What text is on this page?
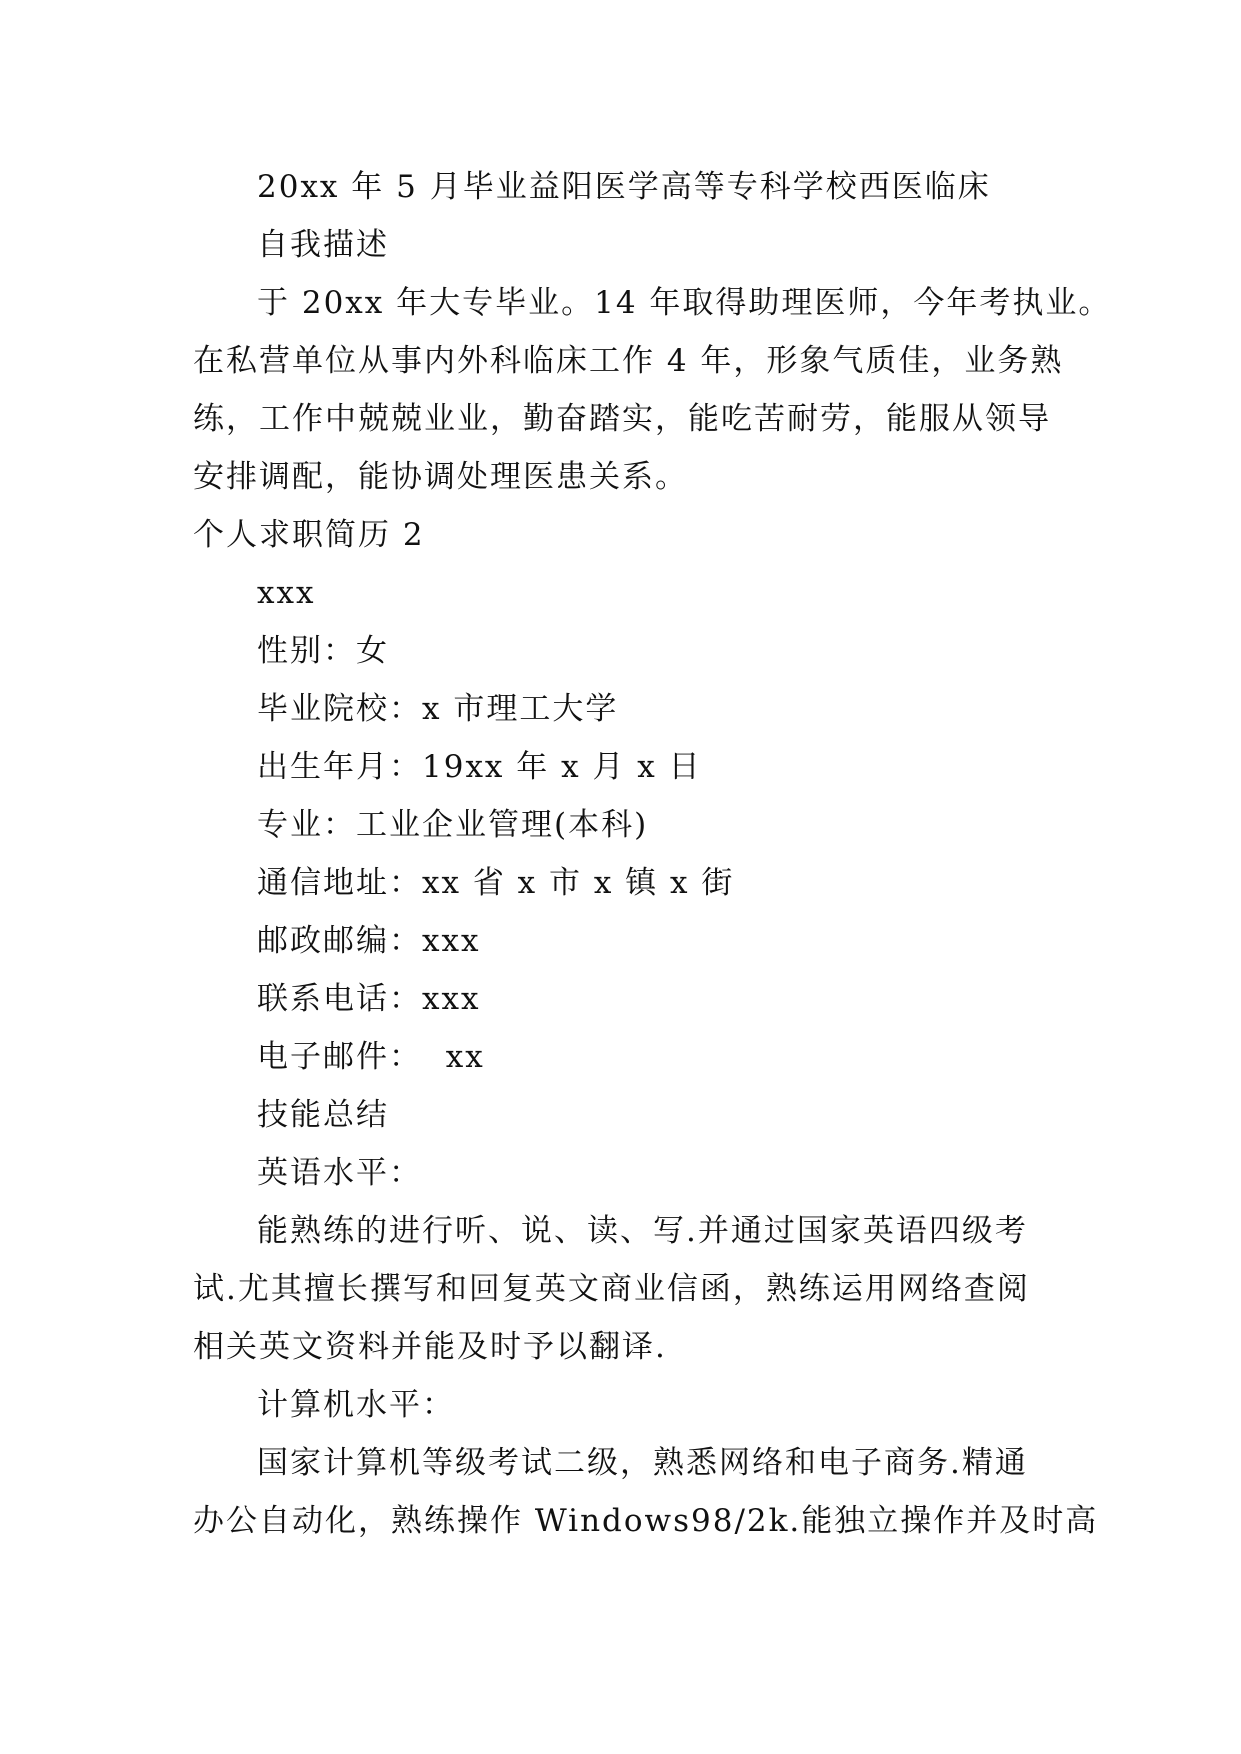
20xx 年 5 月毕业益阳医学高等专科学校西医临床
自我描述
于 20xx 年大专毕业。14 年取得助理医师，今年考执业。
在私营单位从事内外科临床工作 4 年，形象气质佳，业务熟
练，工作中兢兢业业，勤奋踏实，能吃苦耐劳，能服从领导
安排调配，能协调处理医患关系。
个人求职简历 2
xxx
性别：女
毕业院校：x 市理工大学
出生年月：19xx 年 x 月 x 日
专业：工业企业管理(本科)
通信地址：xx 省 x 市 x 镇 x 街
邮政邮编：xxx
联系电话：xxx
电子邮件：  xx
技能总结
英语水平：
能熟练的进行听、说、读、写.并通过国家英语四级考
试.尤其擅长撰写和回复英文商业信函，熟练运用网络查阅
相关英文资料并能及时予以翻译.
计算机水平：
国家计算机等级考试二级，熟悉网络和电子商务.精通
办公自动化，熟练操作 Windows98/2k.能独立操作并及时高
